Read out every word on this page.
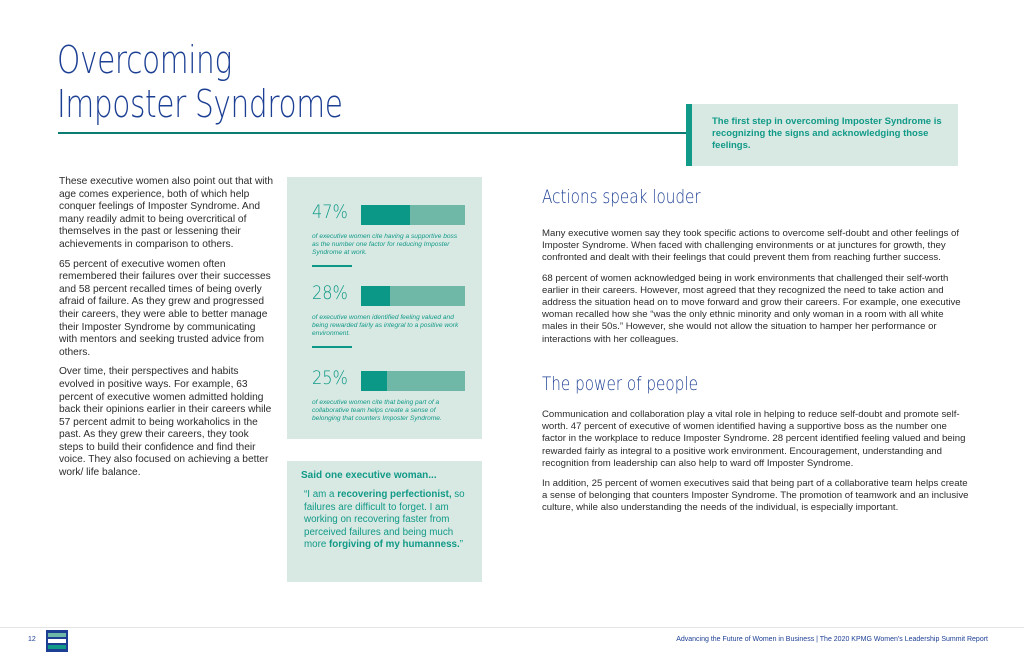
Overcoming
Imposter Syndrome	The first step in overcoming Imposter Syndrome is recognizing the signs and acknowledging those feelings.

These executive women also point out that with age comes experience, both of which help conquer feelings of Imposter Syndrome. And many readily admit to being overcritical of themselves in the past or lessening their achievements in comparison to others.

65 percent of executive women often remembered their failures over their successes and 58 percent recalled times of being overly afraid of failure. As they grew and progressed their careers, they were able to better manage their Imposter Syndrome by communicating with mentors and seeking trusted advice from others.

Over time, their perspectives and habits evolved in positive ways. For example, 63 percent of executive women admitted holding back their opinions earlier in their careers while 57 percent admit to being workaholics in the past. As they grew their careers, they took steps to build their confidence and find their voice. They also focused on achieving a better work/ life balance.

47%
of executive women cite having a supportive boss as the number one factor for reducing Imposter Syndrome at work.
28%
of executive women identified feeling valued and being rewarded fairly as integral to a positive work environment.
25%
of executive women cite that being part of a collaborative team helps create a sense of belonging that counters Imposter Syndrome.
Said one executive woman...
“I am a recovering perfectionist, so failures are difficult to forget. I am working on recovering faster from perceived failures and being much more forgiving of my humanness.”
Actions speak louder

Many executive women say they took specific actions to overcome self-doubt and other feelings of Imposter Syndrome. When faced with challenging environments or at junctures for growth, they confronted and dealt with their feelings that could prevent them from reaching further success.

68 percent of women acknowledged being in work environments that challenged their self-worth earlier in their careers. However, most agreed that they recognized the need to take action and address the situation head on to move forward and grow their careers. For example, one executive woman recalled how she “was the only ethnic minority and only woman in a room with all white males in their 50s.” However, she would not allow the situation to hamper her performance or interactions with her colleagues.

The power of people

Communication and collaboration play a vital role in helping to reduce self-doubt and promote self-worth. 47 percent of executive of women identified having a supportive boss as the number one factor in the workplace to reduce Imposter Syndrome. 28 percent identified feeling valued and being rewarded fairly as integral to a positive work environment. Encouragement, understanding and recognition from leadership can also help to ward off Imposter Syndrome.

In addition, 25 percent of women executives said that being part of a collaborative team helps create a sense of belonging that counters Imposter Syndrome. The promotion of teamwork and an inclusive culture, while also understanding the needs of the individual, is especially important.

12	Advancing the Future of Women in Business | The 2020 KPMG Women’s Leadership Summit Report
